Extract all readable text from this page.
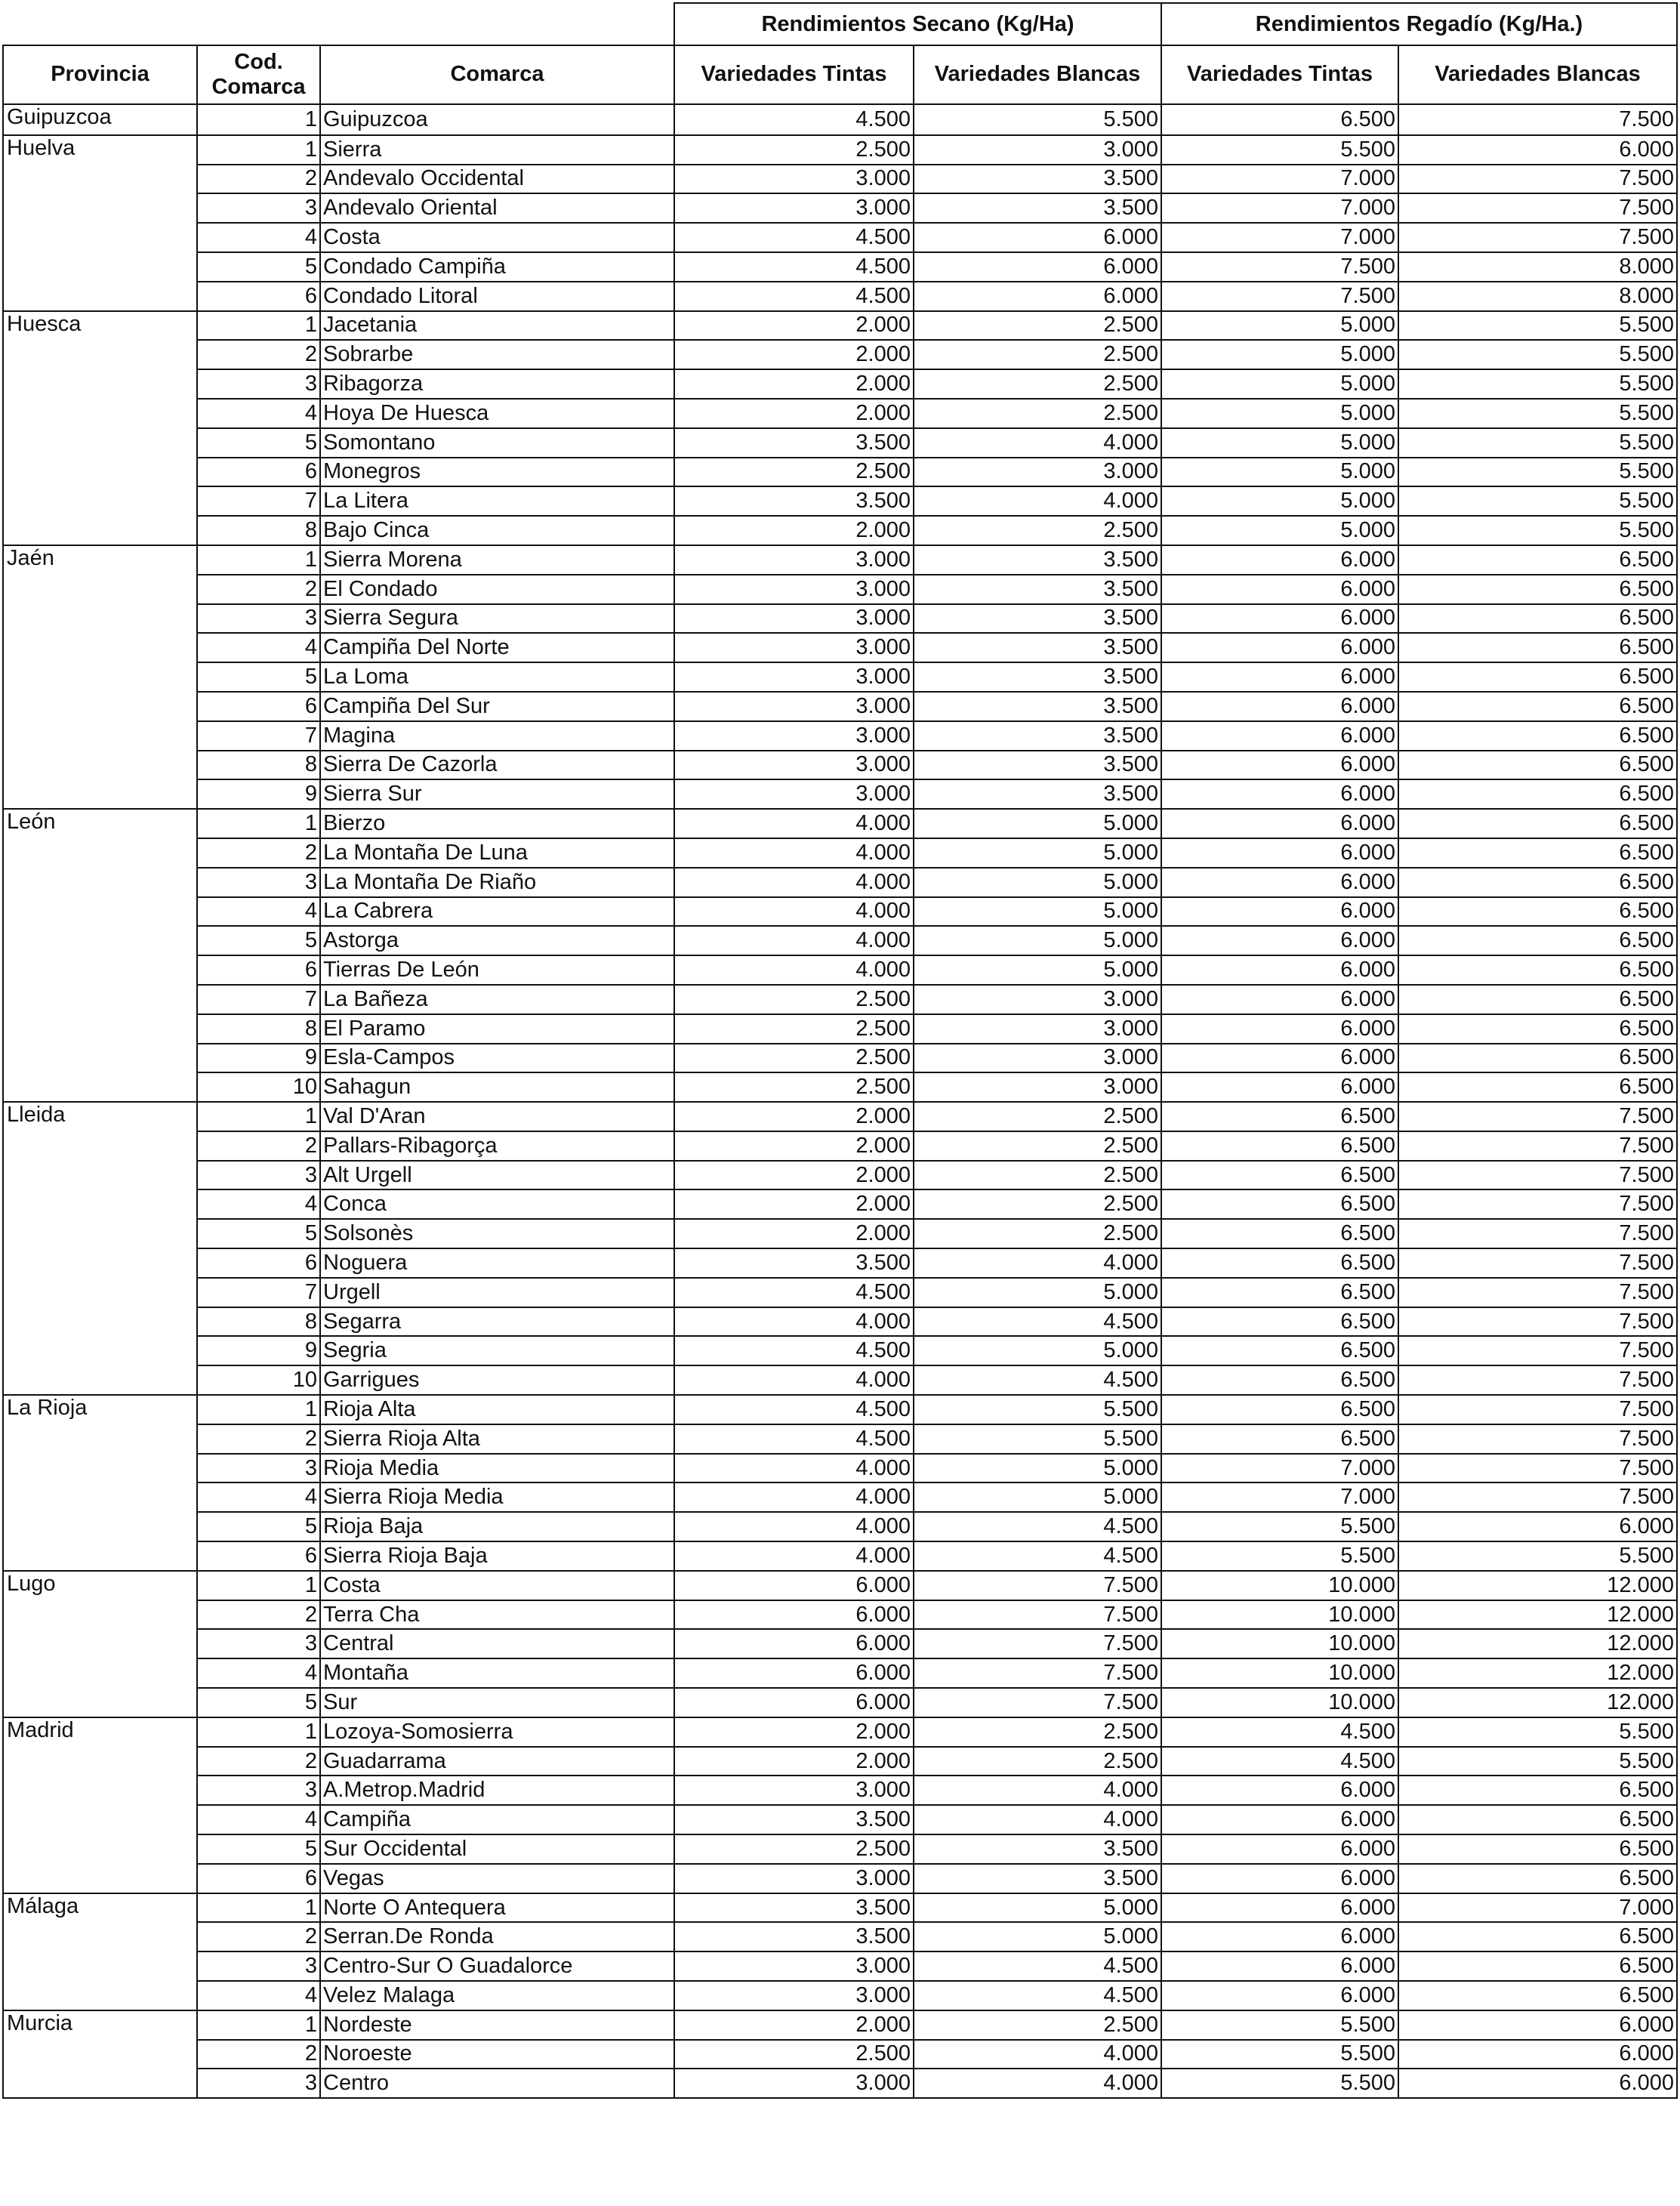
			Rendimientos Secano (Kg/Ha)		Rendimientos Regadío (Kg/Ha.)	
Provincia	Cod. Comarca	Comarca	Variedades Tintas	Variedades Blancas	Variedades Tintas	Variedades Blancas
Guipuzcoa	1	Guipuzcoa	4.500	5.500	6.500	7.500
Huelva	1	Sierra	2.500	3.000	5.500	6.000
	2	Andevalo Occidental	3.000	3.500	7.000	7.500
	3	Andevalo Oriental	3.000	3.500	7.000	7.500
	4	Costa	4.500	6.000	7.000	7.500
	5	Condado Campiña	4.500	6.000	7.500	8.000
	6	Condado Litoral	4.500	6.000	7.500	8.000
Huesca	1	Jacetania	2.000	2.500	5.000	5.500
	2	Sobrarbe	2.000	2.500	5.000	5.500
	3	Ribagorza	2.000	2.500	5.000	5.500
	4	Hoya De Huesca	2.000	2.500	5.000	5.500
	5	Somontano	3.500	4.000	5.000	5.500
	6	Monegros	2.500	3.000	5.000	5.500
	7	La Litera	3.500	4.000	5.000	5.500
	8	Bajo Cinca	2.000	2.500	5.000	5.500
Jaén	1	Sierra Morena	3.000	3.500	6.000	6.500
	2	El Condado	3.000	3.500	6.000	6.500
	3	Sierra Segura	3.000	3.500	6.000	6.500
	4	Campiña Del Norte	3.000	3.500	6.000	6.500
	5	La Loma	3.000	3.500	6.000	6.500
	6	Campiña Del Sur	3.000	3.500	6.000	6.500
	7	Magina	3.000	3.500	6.000	6.500
	8	Sierra De Cazorla	3.000	3.500	6.000	6.500
	9	Sierra Sur	3.000	3.500	6.000	6.500
León	1	Bierzo	4.000	5.000	6.000	6.500
	2	La Montaña De Luna	4.000	5.000	6.000	6.500
	3	La Montaña De Riaño	4.000	5.000	6.000	6.500
	4	La Cabrera	4.000	5.000	6.000	6.500
	5	Astorga	4.000	5.000	6.000	6.500
	6	Tierras De León	4.000	5.000	6.000	6.500
	7	La Bañeza	2.500	3.000	6.000	6.500
	8	El Paramo	2.500	3.000	6.000	6.500
	9	Esla-Campos	2.500	3.000	6.000	6.500
	10	Sahagun	2.500	3.000	6.000	6.500
Lleida	1	Val D'Aran	2.000	2.500	6.500	7.500
	2	Pallars-Ribagorça	2.000	2.500	6.500	7.500
	3	Alt Urgell	2.000	2.500	6.500	7.500
	4	Conca	2.000	2.500	6.500	7.500
	5	Solsonès	2.000	2.500	6.500	7.500
	6	Noguera	3.500	4.000	6.500	7.500
	7	Urgell	4.500	5.000	6.500	7.500
	8	Segarra	4.000	4.500	6.500	7.500
	9	Segria	4.500	5.000	6.500	7.500
	10	Garrigues	4.000	4.500	6.500	7.500
La Rioja	1	Rioja Alta	4.500	5.500	6.500	7.500
	2	Sierra Rioja Alta	4.500	5.500	6.500	7.500
	3	Rioja Media	4.000	5.000	7.000	7.500
	4	Sierra Rioja Media	4.000	5.000	7.000	7.500
	5	Rioja Baja	4.000	4.500	5.500	6.000
	6	Sierra Rioja Baja	4.000	4.500	5.500	5.500
Lugo	1	Costa	6.000	7.500	10.000	12.000
	2	Terra Cha	6.000	7.500	10.000	12.000
	3	Central	6.000	7.500	10.000	12.000
	4	Montaña	6.000	7.500	10.000	12.000
	5	Sur	6.000	7.500	10.000	12.000
Madrid	1	Lozoya-Somosierra	2.000	2.500	4.500	5.500
	2	Guadarrama	2.000	2.500	4.500	5.500
	3	A.Metrop.Madrid	3.000	4.000	6.000	6.500
	4	Campiña	3.500	4.000	6.000	6.500
	5	Sur Occidental	2.500	3.500	6.000	6.500
	6	Vegas	3.000	3.500	6.000	6.500
Málaga	1	Norte O Antequera	3.500	5.000	6.000	7.000
	2	Serran.De Ronda	3.500	5.000	6.000	6.500
	3	Centro-Sur O Guadalorce	3.000	4.500	6.000	6.500
	4	Velez Malaga	3.000	4.500	6.000	6.500
Murcia	1	Nordeste	2.000	2.500	5.500	6.000
	2	Noroeste	2.500	4.000	5.500	6.000
	3	Centro	3.000	4.000	5.500	6.000
